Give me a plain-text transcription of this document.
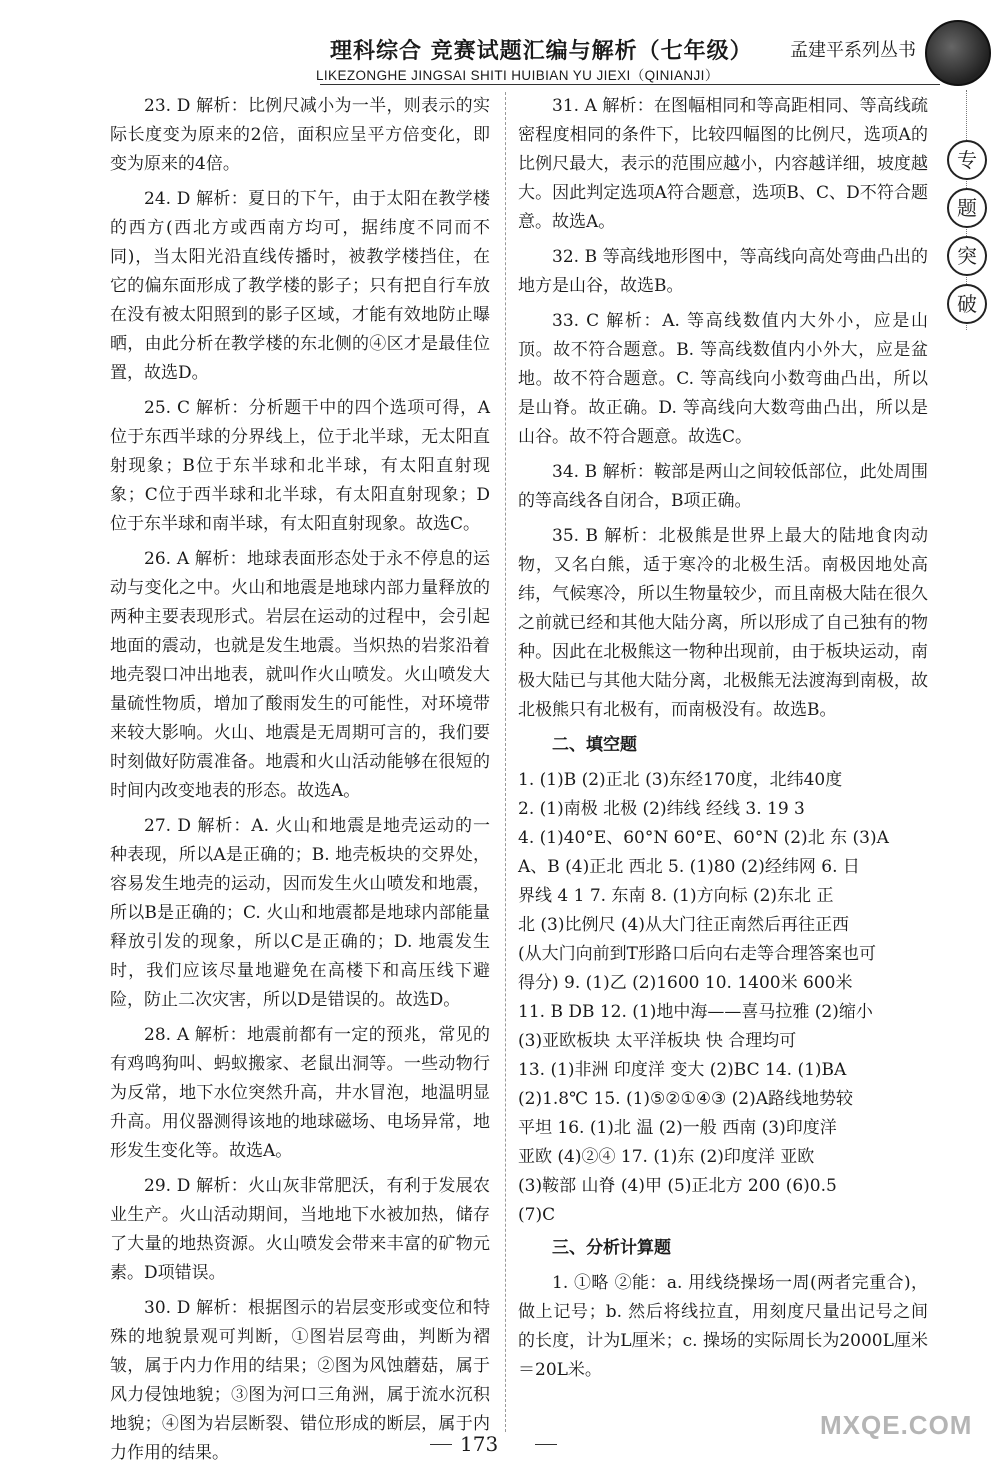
理科综合 竞赛试题汇编与解析（七年级） 孟建平系列丛书
LIKEZONGHE JINGSAI SHITI HUIBIAN YU JIEXI（QINIANJI）
专
题
突
破

23. D 解析：比例尺减小为一半，则表示的实际长度变为原来的2倍，面积应呈平方倍变化，即变为原来的4倍。

24. D 解析：夏日的下午，由于太阳在教学楼的西方(西北方或西南方均可，据纬度不同而不同)，当太阳光沿直线传播时，被教学楼挡住，在它的偏东面形成了教学楼的影子；只有把自行车放在没有被太阳照到的影子区域，才能有效地防止曝晒，由此分析在教学楼的东北侧的④区才是最佳位置，故选D。

25. C 解析：分析题干中的四个选项可得，A位于东西半球的分界线上，位于北半球，无太阳直射现象；B位于东半球和北半球，有太阳直射现象；C位于西半球和北半球，有太阳直射现象；D位于东半球和南半球，有太阳直射现象。故选C。

26. A 解析：地球表面形态处于永不停息的运动与变化之中。火山和地震是地球内部力量释放的两种主要表现形式。岩层在运动的过程中，会引起地面的震动，也就是发生地震。当炽热的岩浆沿着地壳裂口冲出地表，就叫作火山喷发。火山喷发大量硫性物质，增加了酸雨发生的可能性，对环境带来较大影响。火山、地震是无周期可言的，我们要时刻做好防震准备。地震和火山活动能够在很短的时间内改变地表的形态。故选A。

27. D 解析：A. 火山和地震是地壳运动的一种表现，所以A是正确的；B. 地壳板块的交界处，容易发生地壳的运动，因而发生火山喷发和地震，所以B是正确的；C. 火山和地震都是地球内部能量释放引发的现象，所以C是正确的；D. 地震发生时，我们应该尽量地避免在高楼下和高压线下避险，防止二次灾害，所以D是错误的。故选D。

28. A 解析：地震前都有一定的预兆，常见的有鸡鸣狗叫、蚂蚁搬家、老鼠出洞等。一些动物行为反常，地下水位突然升高，井水冒泡，地温明显升高。用仪器测得该地的地球磁场、电场异常，地形发生变化等。故选A。

29. D 解析：火山灰非常肥沃，有利于发展农业生产。火山活动期间，当地地下水被加热，储存了大量的地热资源。火山喷发会带来丰富的矿物元素。D项错误。

30. D 解析：根据图示的岩层变形或变位和特殊的地貌景观可判断，①图岩层弯曲，判断为褶皱，属于内力作用的结果；②图为风蚀蘑菇，属于风力侵蚀地貌；③图为河口三角洲，属于流水沉积地貌；④图为岩层断裂、错位形成的断层，属于内力作用的结果。

31. A 解析：在图幅相同和等高距相同、等高线疏密程度相同的条件下，比较四幅图的比例尺，选项A的比例尺最大，表示的范围应越小，内容越详细，坡度越大。因此判定选项A符合题意，选项B、C、D不符合题意。故选A。

32. B 等高线地形图中，等高线向高处弯曲凸出的地方是山谷，故选B。

33. C 解析：A. 等高线数值内大外小，应是山顶。故不符合题意。B. 等高线数值内小外大，应是盆地。故不符合题意。C. 等高线向小数弯曲凸出，所以是山脊。故正确。D. 等高线向大数弯曲凸出，所以是山谷。故不符合题意。故选C。

34. B 解析：鞍部是两山之间较低部位，此处周围的等高线各自闭合，B项正确。

35. B 解析：北极熊是世界上最大的陆地食肉动物，又名白熊，适于寒冷的北极生活。南极因地处高纬，气候寒冷，所以生物量较少，而且南极大陆在很久之前就已经和其他大陆分离，所以形成了自己独有的物种。因此在北极熊这一物种出现前，由于板块运动，南极大陆已与其他大陆分离，北极熊无法渡海到南极，故北极熊只有北极有，而南极没有。故选B。

二、填空题

1. (1)B (2)正北 (3)东经170度，北纬40度

2. (1)南极 北极 (2)纬线 经线 3. 19 3

4. (1)40°E、60°N 60°E、60°N (2)北 东 (3)A

A、B (4)正北 西北 5. (1)80 (2)经纬网 6. 日

界线 4 1 7. 东南 8. (1)方向标 (2)东北 正

北 (3)比例尺 (4)从大门往正南然后再往正西

(从大门向前到T形路口后向右走等合理答案也可

得分) 9. (1)乙 (2)1600 10. 1400米 600米

11. B DB 12. (1)地中海——喜马拉雅 (2)缩小

(3)亚欧板块 太平洋板块 快 合理均可

13. (1)非洲 印度洋 变大 (2)BC 14. (1)BA

(2)1.8℃ 15. (1)⑤②①④③ (2)A路线地势较

平坦 16. (1)北 温 (2)一般 西南 (3)印度洋

亚欧 (4)②④ 17. (1)东 (2)印度洋 亚欧

(3)鞍部 山脊 (4)甲 (5)正北方 200 (6)0.5

(7)C

三、分析计算题

1. ①略 ②能：a. 用线绕操场一周(两者完重合)，做上记号；b. 然后将线拉直，用刻度尺量出记号之间的长度，计为L厘米；c. 操场的实际周长为2000L厘米＝20L米。

173
MXQE.COM
